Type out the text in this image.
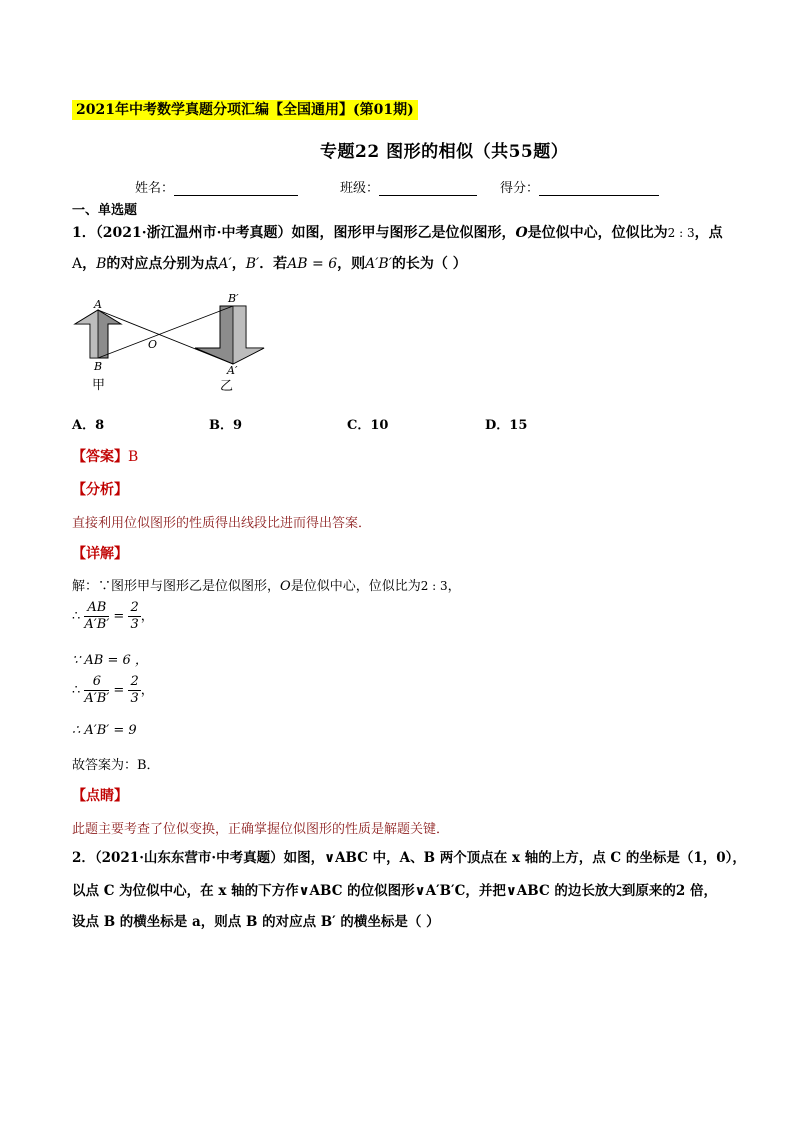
2021年中考数学真题分项汇编【全国通用】(第01期)
专题22 图形的相似（共55题）
姓名：	班级：	得分：
一、单选题
1．（2021·浙江温州市·中考真题）如图，图形甲与图形乙是位似图形，O是位似中心，位似比为2 : 3，点
A，B的对应点分别为点A′，B′．若AB = 6，则A′B′的长为（ ）
A
B
O
B′
A′
甲	乙
A．8	B．9	C．10	D．15
【答案】B
【分析】
直接利用位似图形的性质得出线段比进而得出答案．
【详解】
解：∵图形甲与图形乙是位似图形，O是位似中心，位似比为2 : 3，
∴ $\frac{AB}{A'B'} = \frac{2}{3}$ ，
∵ AB = 6 ，
∴ $\frac{6}{A'B'} = \frac{2}{3}$ ，
∴ A′B′ = 9
故答案为：B．
【点睛】
此题主要考查了位似变换，正确掌握位似图形的性质是解题关键．
2．（2021·山东东营市·中考真题）如图，∨ABC 中，A、B 两个顶点在 x 轴的上方，点 C 的坐标是（1，0），
以点 C 为位似中心，在 x 轴的下方作∨ABC 的位似图形∨A′B′C，并把∨ABC 的边长放大到原来的2 倍，
设点 B 的横坐标是 a，则点 B 的对应点 B′ 的横坐标是（ ）
